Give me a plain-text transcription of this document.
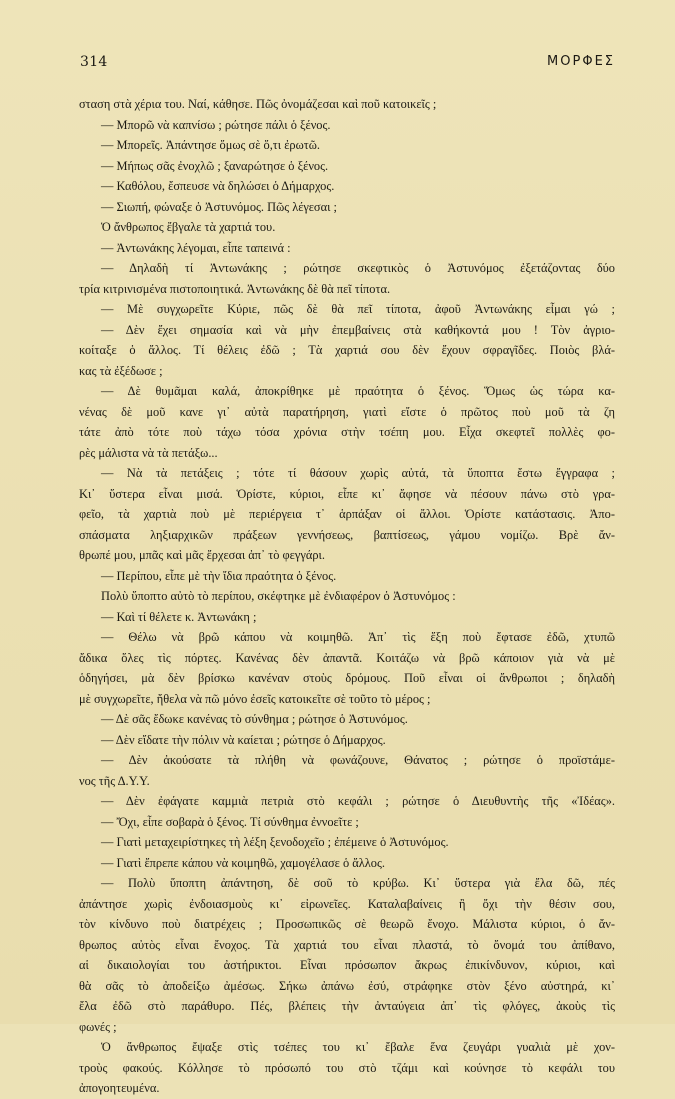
314	ΜΟΡΦΕΣ
σταση στὰ χέρια του. Ναί, κάθησε. Πῶς ὀνομάζεσαι καὶ ποῦ κατοικεῖς ;
— Μπορῶ νὰ καπνίσω ; ρώτησε πάλι ὁ ξένος.
— Μπορεῖς. Ἀπάντησε ὅμως σὲ ὅ,τι ἐρωτῶ.
— Μήπως σᾶς ἐνοχλῶ ; ξαναρώτησε ὁ ξένος.
— Καθόλου, ἔσπευσε νὰ δηλώσει ὁ Δήμαρχος.
— Σιωπή, φώναξε ὁ Ἀστυνόμος. Πῶς λέγεσαι ;
Ὁ ἄνθρωπος ἔβγαλε τὰ χαρτιά του.
— Ἀντωνάκης λέγομαι, εἶπε ταπεινά :
— Δηλαδὴ τί Ἀντωνάκης ; ρώτησε σκεφτικὸς ὁ Ἀστυνόμος ἐξετάζοντας δύο
τρία κιτρινισμένα πιστοποιητικά. Ἀντωνάκης δὲ θὰ πεῖ τίποτα.
— Μὲ συγχωρεῖτε Κύριε, πῶς δὲ θὰ πεῖ τίποτα, ἀφοῦ Ἀντωνάκης εἶμαι γώ ;
— Δὲν ἔχει σημασία καὶ νὰ μὴν ἐπεμβαίνεις στὰ καθήκοντά μου ! Τὸν ἀγριο-
κοίταξε ὁ ἄλλος. Τί θέλεις ἐδῶ ; Τὰ χαρτιά σου δὲν ἔχουν σφραγῖδες. Ποιὸς βλά-
κας τὰ ἐξέδωσε ;
— Δὲ θυμᾶμαι καλά, ἀποκρίθηκε μὲ πραότητα ὁ ξένος. Ὅμως ὡς τώρα κα-
νένας δὲ μοῦ κανε γι᾽ αὐτὰ παρατήρηση, γιατὶ εἴστε ὁ πρῶτος ποὺ μοῦ τὰ ζη
τάτε ἀπὸ τότε ποὺ τάχω τόσα χρόνια στὴν τσέπη μου. Εἶχα σκεφτεῖ πολλὲς φο-
ρὲς μάλιστα νὰ τὰ πετάξω...
— Νὰ τὰ πετάξεις ; τότε τί θάσουν χωρὶς αὐτά, τὰ ὕποπτα ἔστω ἔγγραφα ;
Κι᾽ ὕστερα εἶναι μισά. Ὁρίστε, κύριοι, εἶπε κι᾽ ἄφησε νὰ πέσουν πάνω στὸ γρα-
φεῖο, τὰ χαρτιὰ ποὺ μὲ περιέργεια τ᾽ ἁρπάξαν οἱ ἄλλοι. Ὁρίστε κατάστασις. Ἀπο-
σπάσματα ληξιαρχικῶν πράξεων γεννήσεως, βαπτίσεως, γάμου νομίζω. Βρὲ ἄν-
θρωπέ μου, μπᾶς καὶ μᾶς ἔρχεσαι ἀπ᾽ τὸ φεγγάρι.
— Περίπου, εἶπε μὲ τὴν ἴδια πραότητα ὁ ξένος.
Πολὺ ὕποπτο αὐτὸ τὸ περίπου, σκέφτηκε μὲ ἐνδιαφέρον ὁ Ἀστυνόμος :
— Καὶ τί θέλετε κ. Ἀντωνάκη ;
— Θέλω νὰ βρῶ κάπου νὰ κοιμηθῶ. Ἀπ᾽ τὶς ἕξη ποὺ ἔφτασε ἐδῶ, χτυπῶ
ἄδικα ὅλες τὶς πόρτες. Κανένας δὲν ἀπαντᾶ. Κοιτάζω νὰ βρῶ κάποιον γιὰ νὰ μὲ
ὁδηγήσει, μὰ δὲν βρίσκω κανέναν στοὺς δρόμους. Ποῦ εἶναι οἱ ἄνθρωποι ; δηλαδὴ
μὲ συγχωρεῖτε, ἤθελα νὰ πῶ μόνο ἐσεῖς κατοικεῖτε σὲ τοῦτο τὸ μέρος ;
— Δὲ σᾶς ἔδωκε κανένας τὸ σύνθημα ; ρώτησε ὁ Ἀστυνόμος.
— Δὲν εἴδατε τὴν πόλιν νὰ καίεται ; ρώτησε ὁ Δήμαρχος.
— Δὲν ἀκούσατε τὰ πλήθη νὰ φωνάζουνε, Θάνατος ; ρώτησε ὁ προϊστάμε-
νος τῆς Δ.Υ.Υ.
— Δὲν ἐφάγατε καμμιὰ πετριὰ στὸ κεφάλι ; ρώτησε ὁ Διευθυντὴς τῆς «Ἰδέας».
— Ὄχι, εἶπε σοβαρὰ ὁ ξένος. Τί σύνθημα ἐννοεῖτε ;
— Γιατὶ μεταχειρίστηκες τὴ λέξη ξενοδοχεῖο ; ἐπέμεινε ὁ Ἀστυνόμος.
— Γιατὶ ἔπρεπε κάπου νὰ κοιμηθῶ, χαμογέλασε ὁ ἄλλος.
— Πολὺ ὕποπτη ἀπάντηση, δὲ σοῦ τὸ κρύβω. Κι᾽ ὕστερα γιὰ ἔλα δῶ, πές
ἀπάντησε χωρὶς ἐνδοιασμοὺς κι᾽ εἰρωνεῖες. Καταλαβαίνεις ἢ ὄχι τὴν θέσιν σου,
τὸν κίνδυνο ποὺ διατρέχεις ; Προσωπικῶς σὲ θεωρῶ ἔνοχο. Μάλιστα κύριοι, ὁ ἄν-
θρωπος αὐτὸς εἶναι ἔνοχος. Τὰ χαρτιά του εἶναι πλαστά, τὸ ὄνομά του ἀπίθανο,
αἱ δικαιολογίαι του ἀστήρικτοι. Εἶναι πρόσωπον ἄκρως ἐπικίνδυνον, κύριοι, καὶ
θὰ σᾶς τὸ ἀποδείξω ἀμέσως. Σήκω ἀπάνω ἐσύ, στράφηκε στὸν ξένο αὐστηρά, κι᾽
ἔλα ἐδῶ στὸ παράθυρο. Πές, βλέπεις τὴν ἀνταύγεια ἀπ᾽ τὶς φλόγες, ἀκοὺς τὶς
φωνές ;
Ὁ ἄνθρωπος ἔψαξε στὶς τσέπες του κι᾽ ἔβαλε ἕνα ζευγάρι γυαλιὰ μὲ χον-
τροὺς φακούς. Κόλλησε τὸ πρόσωπό του στὸ τζάμι καὶ κούνησε τὸ κεφάλι του
ἀπογοητευμένα.
